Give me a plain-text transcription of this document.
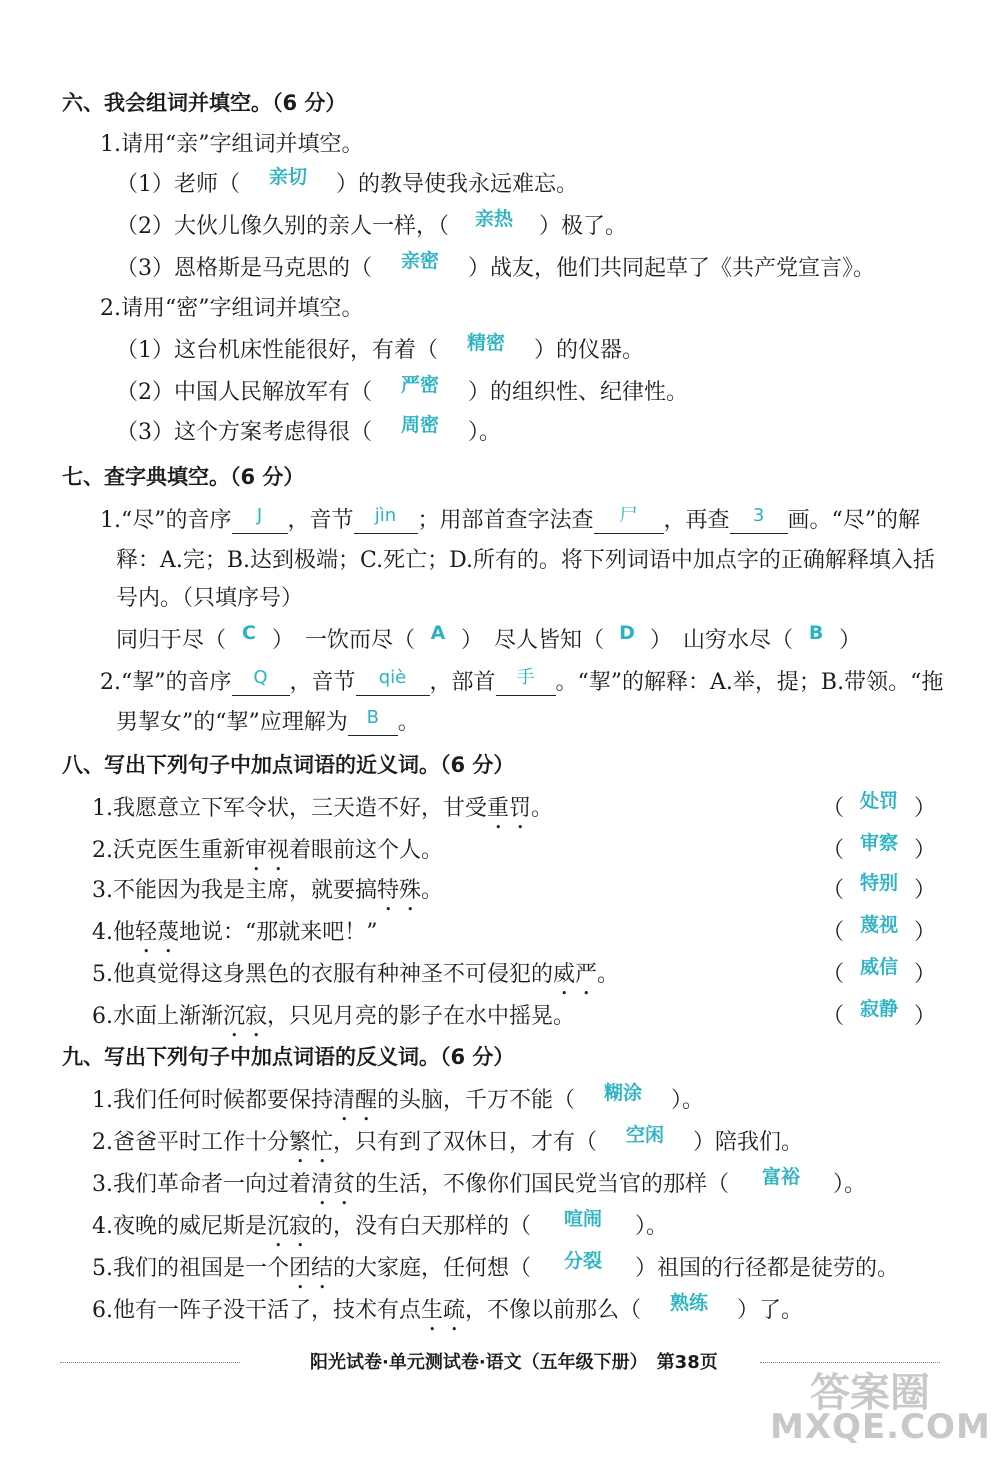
六、我会组词并填空。（6 分）
1.请用“亲”字组词并填空。
（1）老师（ 亲切 ）的教导使我永远难忘。
（2）大伙儿像久别的亲人一样，（ 亲热 ）极了。
（3）恩格斯是马克思的（ 亲密 ）战友，他们共同起草了《共产党宣言》。
2.请用“密”字组词并填空。
（1）这台机床性能很好，有着（ 精密 ）的仪器。
（2）中国人民解放军有（ 严密 ）的组织性、纪律性。
（3）这个方案考虑得很（ 周密 ）。
七、查字典填空。（6 分）
1.“尽”的音序 $^J$ ，音节 $^{jìn}$ ；用部首查字法查 $^尸$ ，再查 $^3$ 画。“尽”的解
释：A.完；B.达到极端；C.死亡；D.所有的。将下列词语中加点字的正确解释填入括
号内。（只填序号）
同归于尽（ C ）　一饮而尽（ A ）　尽人皆知（ D ）　山穷水尽（ B ）
2.“挈”的音序 $^Q$ ，音节 $^{qiè}$ ，部首 $^手$ 。“挈”的解释：A.举，提；B.带领。“拖
男挈女”的“挈”应理解为 $^B$ 。
八、写出下列句子中加点词语的近义词。（6 分）
1.我愿意立下军令状，三天造不好，甘受重罚。	（ 处罚 ）
2.沃克医生重新审视着眼前这个人。	（ 审察 ）
3.不能因为我是主席，就要搞特殊。	（ 特别 ）
4.他轻蔑地说：“那就来吧！”	（ 蔑视 ）
5.他真觉得这身黑色的衣服有种神圣不可侵犯的威严。	（ 威信 ）
6.水面上渐渐沉寂，只见月亮的影子在水中摇晃。	（ 寂静 ）
九、写出下列句子中加点词语的反义词。（6 分）
1.我们任何时候都要保持清醒的头脑，千万不能（ 糊涂 ）。
2.爸爸平时工作十分繁忙，只有到了双休日，才有（ 空闲 ）陪我们。
3.我们革命者一向过着清贫的生活，不像你们国民党当官的那样（ 富裕 ）。
4.夜晚的威尼斯是沉寂的，没有白天那样的（ 喧闹 ）。
5.我们的祖国是一个团结的大家庭，任何想（ 分裂 ）祖国的行径都是徒劳的。
6.他有一阵子没干活了，技术有点生疏，不像以前那么（ 熟练 ）了。
阳光试卷·单元测试卷·语文（五年级下册）　第38页
答案圈
MXQE.COM
